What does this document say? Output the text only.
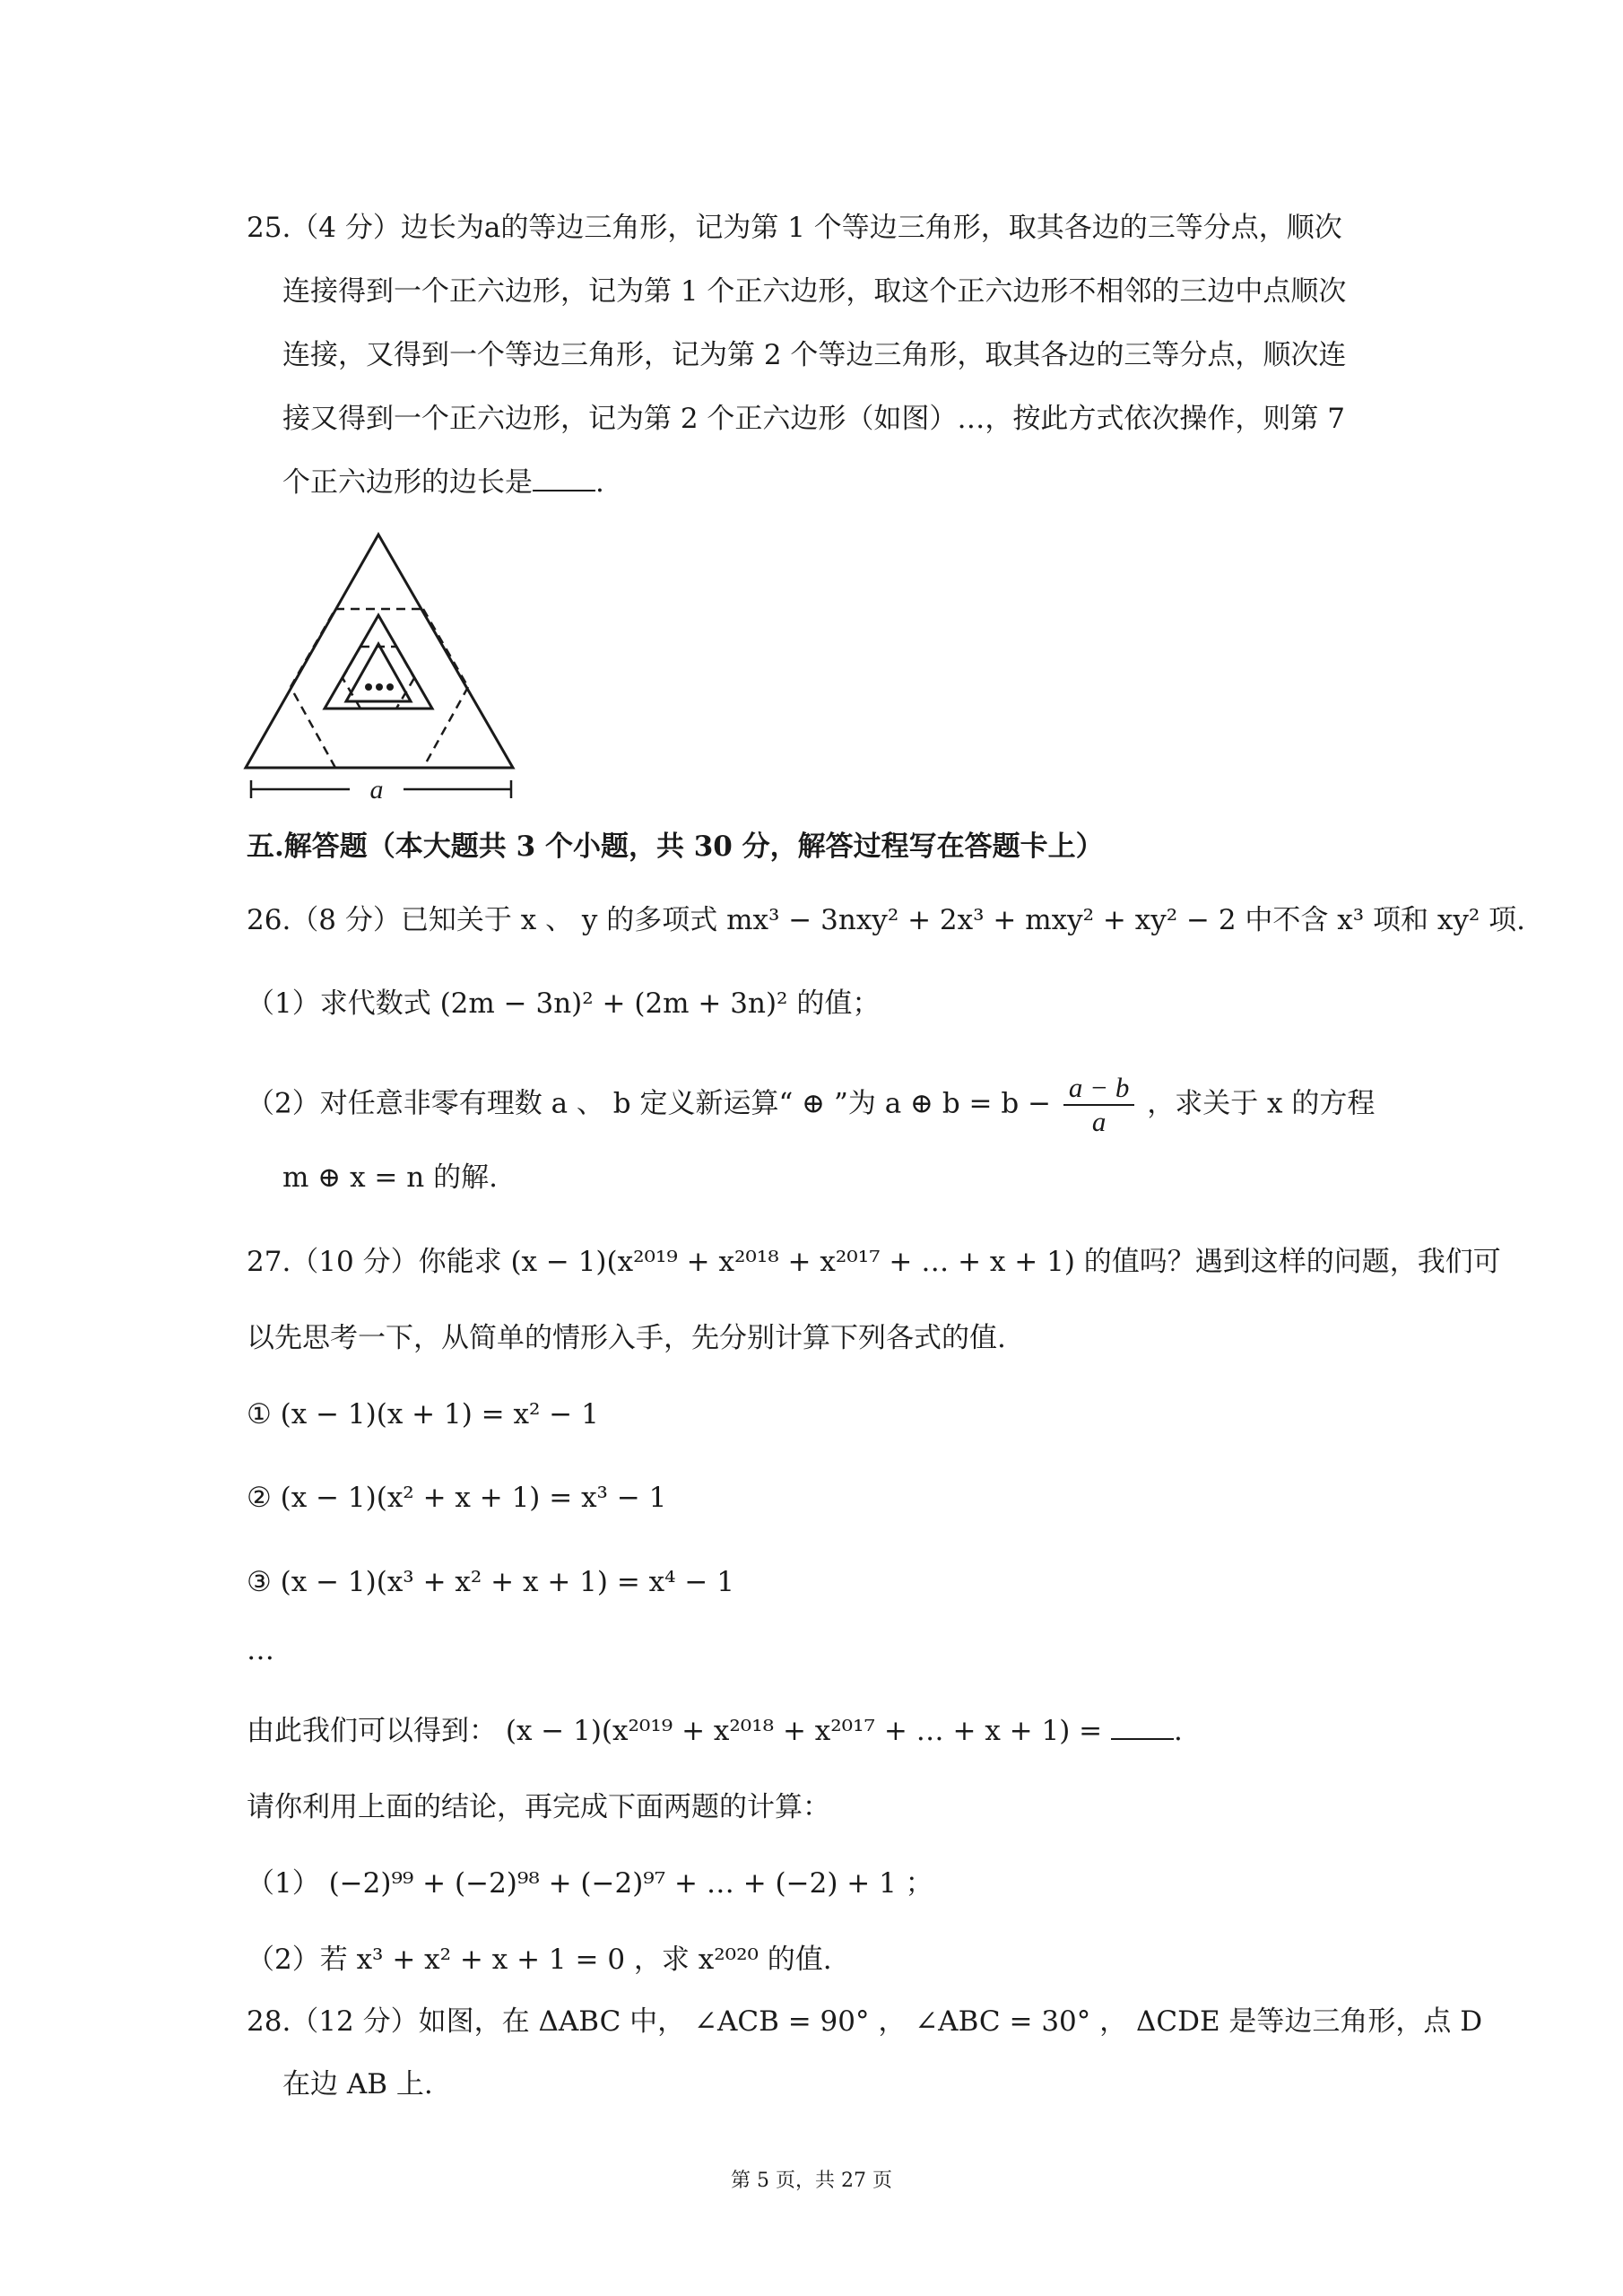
25.（4 分）边长为a的等边三角形，记为第 1 个等边三角形，取其各边的三等分点，顺次
连接得到一个正六边形，记为第 1 个正六边形，取这个正六边形不相邻的三边中点顺次
连接，又得到一个等边三角形，记为第 2 个等边三角形，取其各边的三等分点，顺次连
接又得到一个正六边形，记为第 2 个正六边形（如图）…，按此方式依次操作，则第 7
个正六边形的边长是 .
a
五.解答题（本大题共 3 个小题，共 30 分，解答过程写在答题卡上）
26.（8 分）已知关于 x 、 y 的多项式 mx³ − 3nxy² + 2x³ + mxy² + xy² − 2 中不含 x³ 项和 xy² 项.
（1）求代数式 (2m − 3n)² + (2m + 3n)² 的值；
（2）对任意非零有理数 a 、 b 定义新运算“ ⊕ ”为 a ⊕ $b = b - \frac{a - b}{a}$ ，求关于 x 的方程
m ⊕ x = n 的解.
27.（10 分）你能求 (x − 1)(x²⁰¹⁹ + x²⁰¹⁸ + x²⁰¹⁷ + … + x + 1) 的值吗？遇到这样的问题，我们可
以先思考一下，从简单的情形入手，先分别计算下列各式的值.
① (x − 1)(x + 1) = x² − 1
② (x − 1)(x² + x + 1) = x³ − 1
③ (x − 1)(x³ + x² + x + 1) = x⁴ − 1
…
由此我们可以得到： (x − 1)(x²⁰¹⁹ + x²⁰¹⁸ + x²⁰¹⁷ + … + x + 1) = .
请你利用上面的结论，再完成下面两题的计算：
（1） (−2)⁹⁹ + (−2)⁹⁸ + (−2)⁹⁷ + … + (−2) + 1 ；
（2）若 x³ + x² + x + 1 = 0 ，求 x²⁰²⁰ 的值.
28.（12 分）如图，在 ΔABC 中， ∠ACB = 90° ， ∠ABC = 30° ， ΔCDE 是等边三角形，点 D
在边 AB 上.
第 5 页，共 27 页
